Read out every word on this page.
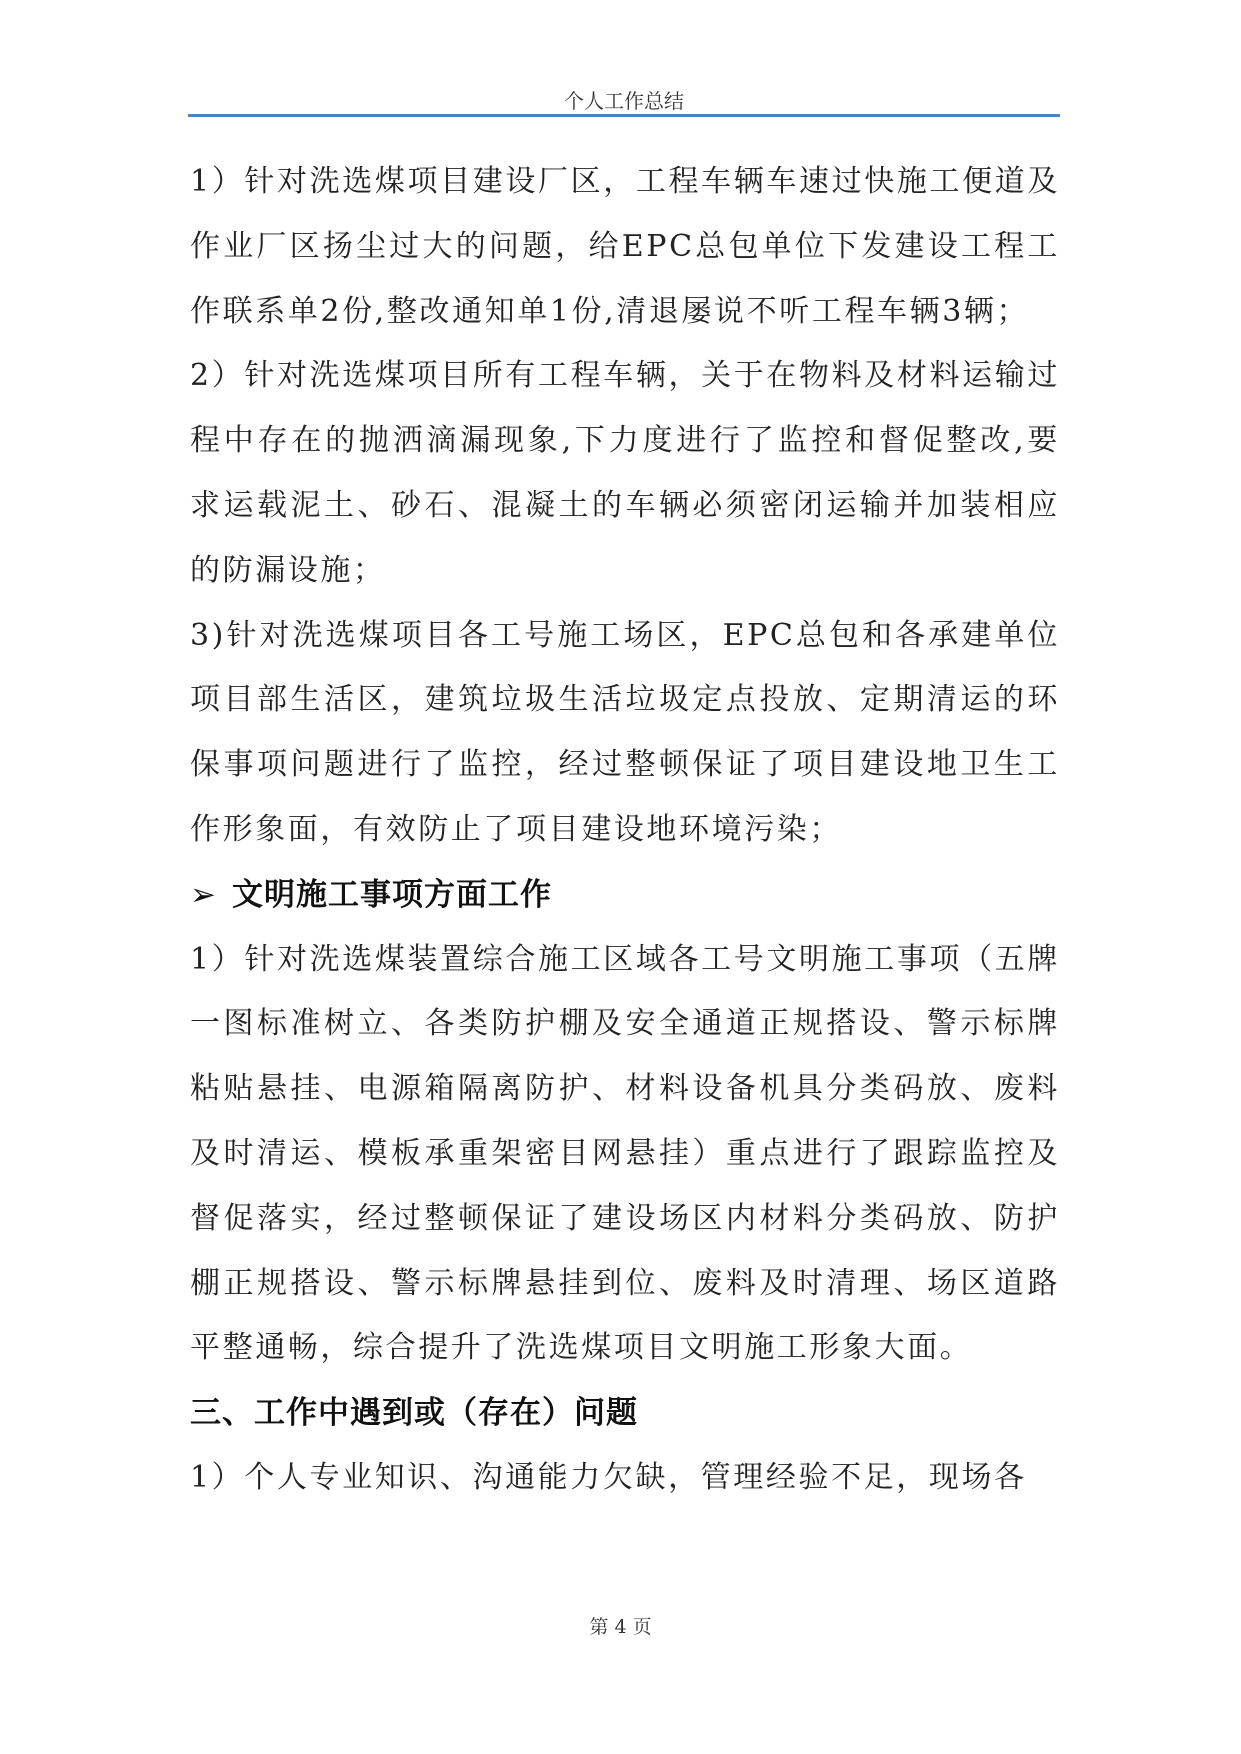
个人工作总结

1）针对洗选煤项目建设厂区，工程车辆车速过快施工便道及作业厂区扬尘过大的问题，给EPC总包单位下发建设工程工作联系单2份,整改通知单1份,清退屡说不听工程车辆3辆；

2）针对洗选煤项目所有工程车辆，关于在物料及材料运输过程中存在的抛洒滴漏现象,下力度进行了监控和督促整改,要求运载泥土、砂石、混凝土的车辆必须密闭运输并加装相应的防漏设施；

3)针对洗选煤项目各工号施工场区，EPC总包和各承建单位项目部生活区，建筑垃圾生活垃圾定点投放、定期清运的环保事项问题进行了监控，经过整顿保证了项目建设地卫生工作形象面，有效防止了项目建设地环境污染；

➢ 文明施工事项方面工作

1）针对洗选煤装置综合施工区域各工号文明施工事项（五牌一图标准树立、各类防护棚及安全通道正规搭设、警示标牌粘贴悬挂、电源箱隔离防护、材料设备机具分类码放、废料及时清运、模板承重架密目网悬挂）重点进行了跟踪监控及督促落实，经过整顿保证了建设场区内材料分类码放、防护棚正规搭设、警示标牌悬挂到位、废料及时清理、场区道路平整通畅，综合提升了洗选煤项目文明施工形象大面。

三、工作中遇到或（存在）问题

1）个人专业知识、沟通能力欠缺，管理经验不足，现场各

第 4 页
